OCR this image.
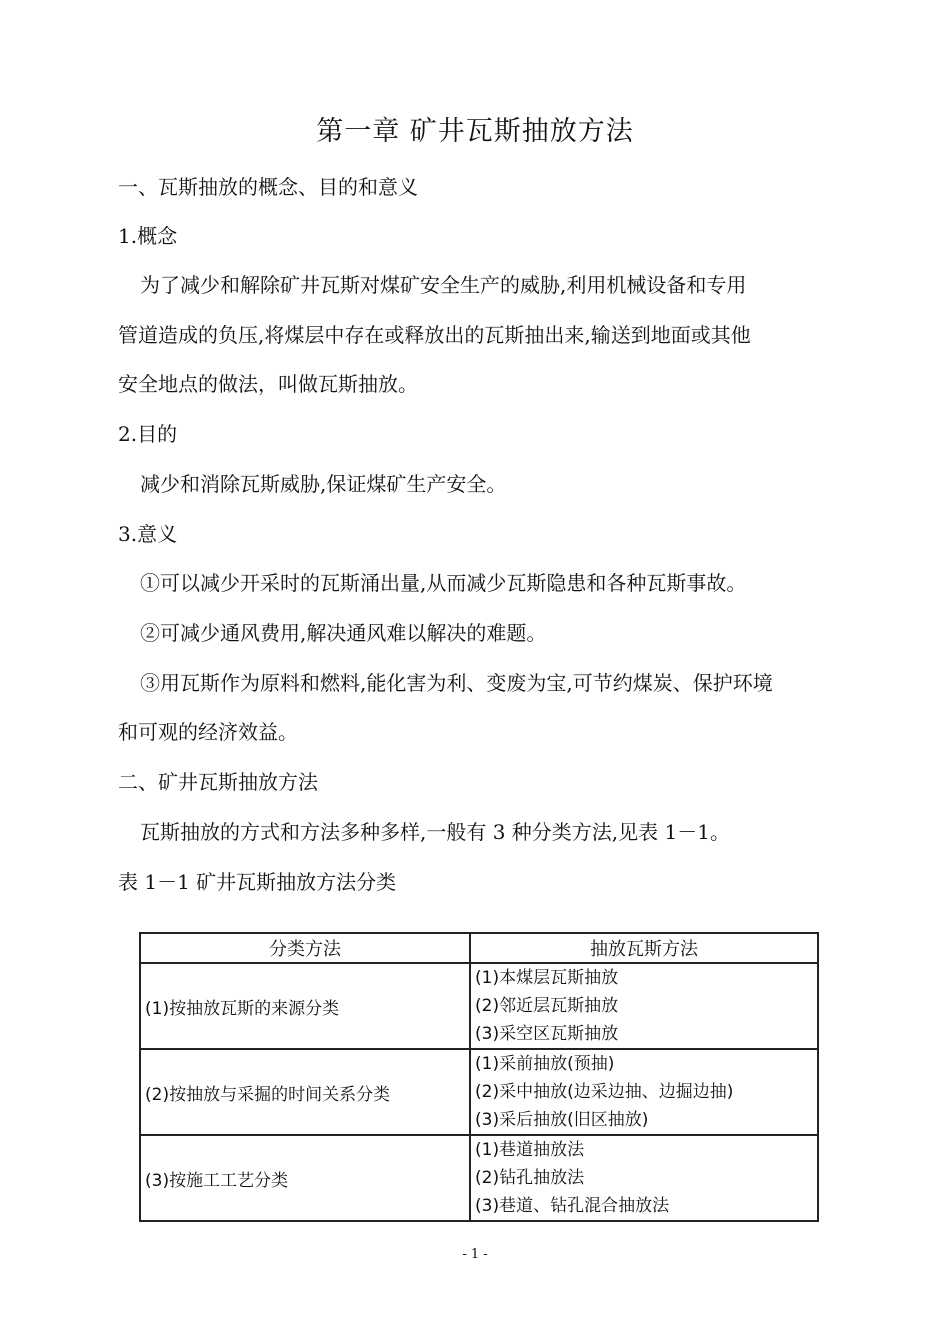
第一章 矿井瓦斯抽放方法
一、瓦斯抽放的概念、目的和意义
1.概念
为了减少和解除矿井瓦斯对煤矿安全生产的威胁,利用机械设备和专用
管道造成的负压,将煤层中存在或释放出的瓦斯抽出来,输送到地面或其他
安全地点的做法，叫做瓦斯抽放。
2.目的
减少和消除瓦斯威胁,保证煤矿生产安全。
3.意义
①可以减少开采时的瓦斯涌出量,从而减少瓦斯隐患和各种瓦斯事故。
②可减少通风费用,解决通风难以解决的难题。
③用瓦斯作为原料和燃料,能化害为利、变废为宝,可节约煤炭、保护环境
和可观的经济效益。
二、矿井瓦斯抽放方法
瓦斯抽放的方式和方法多种多样,一般有 3 种分类方法,见表 1－1。
表 1－1 矿井瓦斯抽放方法分类
分类方法	抽放瓦斯方法
(1)按抽放瓦斯的来源分类	(1)本煤层瓦斯抽放
(2)邻近层瓦斯抽放
(3)采空区瓦斯抽放

(2)按抽放与采掘的时间关系分类	(1)采前抽放(预抽)
(2)采中抽放(边采边抽、边掘边抽)
(3)采后抽放(旧区抽放)

(3)按施工工艺分类	(1)巷道抽放法
(2)钻孔抽放法
(3)巷道、钻孔混合抽放法
- 1 -
